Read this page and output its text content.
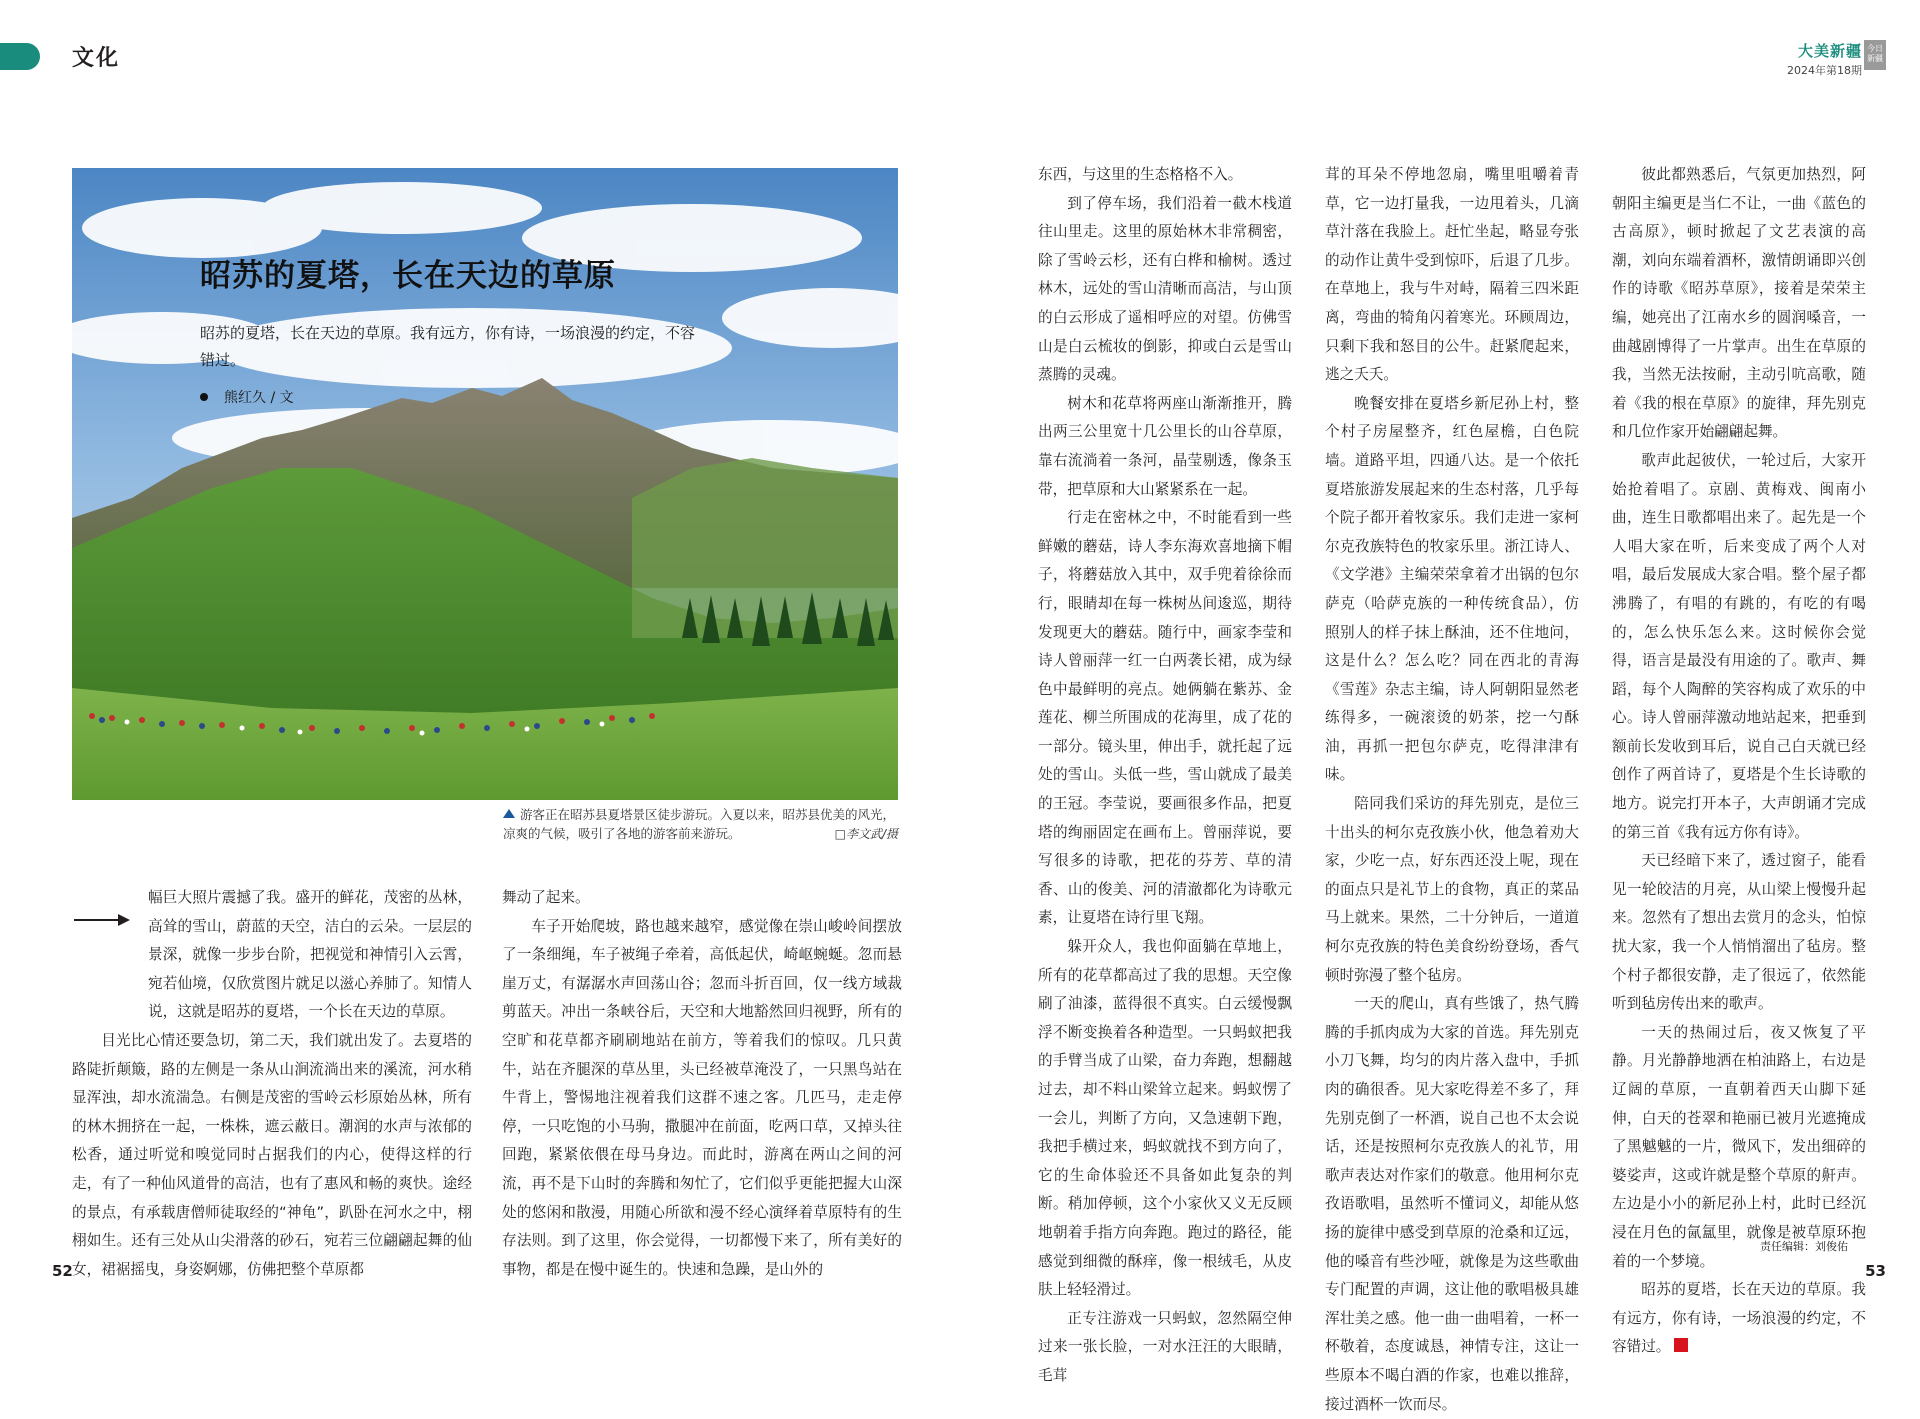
文化	大美新疆
2024年第18期
今日新疆
昭苏的夏塔，长在天边的草原
昭苏的夏塔，长在天边的草原。我有远方，你有诗，一场浪漫的约定，不容错过。
熊红久 / 文
游客正在昭苏县夏塔景区徒步游玩。入夏以来，昭苏县优美的风光，凉爽的气候，吸引了各地的游客前来游玩。	□李文武/摄

幅巨大照片震撼了我。盛开的鲜花，茂密的丛林，高耸的雪山，蔚蓝的天空，洁白的云朵。一层层的景深，就像一步步台阶，把视觉和神情引入云霄，宛若仙境，仅欣赏图片就足以滋心养肺了。知情人说，这就是昭苏的夏塔，一个长在天边的草原。

目光比心情还要急切，第二天，我们就出发了。去夏塔的路陡折颠簸，路的左侧是一条从山涧流淌出来的溪流，河水稍显浑浊，却水流湍急。右侧是茂密的雪岭云杉原始丛林，所有的林木拥挤在一起，一株株，遮云蔽日。潮润的水声与浓郁的松香，通过听觉和嗅觉同时占据我们的内心，使得这样的行走，有了一种仙风道骨的高洁，也有了惠风和畅的爽快。途经的景点，有承载唐僧师徒取经的“神龟”，趴卧在河水之中，栩栩如生。还有三处从山尖滑落的砂石，宛若三位翩翩起舞的仙女，裙裾摇曳，身姿婀娜，仿佛把整个草原都

舞动了起来。

车子开始爬坡，路也越来越窄，感觉像在崇山峻岭间摆放了一条细绳，车子被绳子牵着，高低起伏，崎岖蜿蜒。忽而悬崖万丈，有潺潺水声回荡山谷；忽而斗折百回，仅一线方域裁剪蓝天。冲出一条峡谷后，天空和大地豁然回归视野，所有的空旷和花草都齐刷刷地站在前方，等着我们的惊叹。几只黄牛，站在齐腿深的草丛里，头已经被草淹没了，一只黑鸟站在牛背上，警惕地注视着我们这群不速之客。几匹马，走走停停，一只吃饱的小马驹，撒腿冲在前面，吃两口草，又掉头往回跑，紧紧依偎在母马身边。而此时，游离在两山之间的河流，再不是下山时的奔腾和匆忙了，它们似乎更能把握大山深处的悠闲和散漫，用随心所欲和漫不经心演绎着草原特有的生存法则。到了这里，你会觉得，一切都慢下来了，所有美好的事物，都是在慢中诞生的。快速和急躁，是山外的

东西，与这里的生态格格不入。

到了停车场，我们沿着一截木栈道往山里走。这里的原始林木非常稠密，除了雪岭云杉，还有白桦和榆树。透过林木，远处的雪山清晰而高洁，与山顶的白云形成了遥相呼应的对望。仿佛雪山是白云梳妆的倒影，抑或白云是雪山蒸腾的灵魂。

树木和花草将两座山渐渐推开，腾出两三公里宽十几公里长的山谷草原，靠右流淌着一条河，晶莹剔透，像条玉带，把草原和大山紧紧系在一起。

行走在密林之中，不时能看到一些鲜嫩的蘑菇，诗人李东海欢喜地摘下帽子，将蘑菇放入其中，双手兜着徐徐而行，眼睛却在每一株树丛间逡巡，期待发现更大的蘑菇。随行中，画家李莹和诗人曾丽萍一红一白两袭长裙，成为绿色中最鲜明的亮点。她俩躺在紫苏、金莲花、柳兰所围成的花海里，成了花的一部分。镜头里，伸出手，就托起了远处的雪山。头低一些，雪山就成了最美的王冠。李莹说，要画很多作品，把夏塔的绚丽固定在画布上。曾丽萍说，要写很多的诗歌，把花的芬芳、草的清香、山的俊美、河的清澈都化为诗歌元素，让夏塔在诗行里飞翔。

躲开众人，我也仰面躺在草地上，所有的花草都高过了我的思想。天空像刷了油漆，蓝得很不真实。白云缓慢飘浮不断变换着各种造型。一只蚂蚁把我的手臂当成了山梁，奋力奔跑，想翻越过去，却不料山梁耸立起来。蚂蚁愣了一会儿，判断了方向，又急速朝下跑，我把手横过来，蚂蚁就找不到方向了，它的生命体验还不具备如此复杂的判断。稍加停顿，这个小家伙又义无反顾地朝着手指方向奔跑。跑过的路径，能感觉到细微的酥痒，像一根绒毛，从皮肤上轻轻滑过。

正专注游戏一只蚂蚁，忽然隔空伸过来一张长脸，一对水汪汪的大眼睛，毛茸

茸的耳朵不停地忽扇，嘴里咀嚼着青草，它一边打量我，一边甩着头，几滴草汁落在我脸上。赶忙坐起，略显夸张的动作让黄牛受到惊吓，后退了几步。在草地上，我与牛对峙，隔着三四米距离，弯曲的犄角闪着寒光。环顾周边，只剩下我和怒目的公牛。赶紧爬起来，逃之夭夭。

晚餐安排在夏塔乡新尼孙上村，整个村子房屋整齐，红色屋檐，白色院墙。道路平坦，四通八达。是一个依托夏塔旅游发展起来的生态村落，几乎每个院子都开着牧家乐。我们走进一家柯尔克孜族特色的牧家乐里。浙江诗人、《文学港》主编荣荣拿着才出锅的包尔萨克（哈萨克族的一种传统食品），仿照别人的样子抹上酥油，还不住地问，这是什么？怎么吃？同在西北的青海《雪莲》杂志主编，诗人阿朝阳显然老练得多，一碗滚烫的奶茶，挖一勺酥油，再抓一把包尔萨克，吃得津津有味。

陪同我们采访的拜先别克，是位三十出头的柯尔克孜族小伙，他急着劝大家，少吃一点，好东西还没上呢，现在的面点只是礼节上的食物，真正的菜品马上就来。果然，二十分钟后，一道道柯尔克孜族的特色美食纷纷登场，香气顿时弥漫了整个毡房。

一天的爬山，真有些饿了，热气腾腾的手抓肉成为大家的首选。拜先别克小刀飞舞，均匀的肉片落入盘中，手抓肉的确很香。见大家吃得差不多了，拜先别克倒了一杯酒，说自己也不太会说话，还是按照柯尔克孜族人的礼节，用歌声表达对作家们的敬意。他用柯尔克孜语歌唱，虽然听不懂词义，却能从悠扬的旋律中感受到草原的沧桑和辽远，他的嗓音有些沙哑，就像是为这些歌曲专门配置的声调，这让他的歌唱极具雄浑壮美之感。他一曲一曲唱着，一杯一杯敬着，态度诚恳，神情专注，这让一些原本不喝白酒的作家，也难以推辞，接过酒杯一饮而尽。

彼此都熟悉后，气氛更加热烈，阿朝阳主编更是当仁不让，一曲《蓝色的古高原》，顿时掀起了文艺表演的高潮，刘向东端着酒杯，激情朗诵即兴创作的诗歌《昭苏草原》，接着是荣荣主编，她亮出了江南水乡的圆润嗓音，一曲越剧博得了一片掌声。出生在草原的我，当然无法按耐，主动引吭高歌，随着《我的根在草原》的旋律，拜先别克和几位作家开始翩翩起舞。

歌声此起彼伏，一轮过后，大家开始抢着唱了。京剧、黄梅戏、闽南小曲，连生日歌都唱出来了。起先是一个人唱大家在听，后来变成了两个人对唱，最后发展成大家合唱。整个屋子都沸腾了，有唱的有跳的，有吃的有喝的，怎么快乐怎么来。这时候你会觉得，语言是最没有用途的了。歌声、舞蹈，每个人陶醉的笑容构成了欢乐的中心。诗人曾丽萍激动地站起来，把垂到额前长发收到耳后，说自己白天就已经创作了两首诗了，夏塔是个生长诗歌的地方。说完打开本子，大声朗诵才完成的第三首《我有远方你有诗》。

天已经暗下来了，透过窗子，能看见一轮皎洁的月亮，从山梁上慢慢升起来。忽然有了想出去赏月的念头，怕惊扰大家，我一个人悄悄溜出了毡房。整个村子都很安静，走了很远了，依然能听到毡房传出来的歌声。

一天的热闹过后，夜又恢复了平静。月光静静地洒在柏油路上，右边是辽阔的草原，一直朝着西天山脚下延伸，白天的苍翠和艳丽已被月光遮掩成了黑魆魆的一片，微风下，发出细碎的婆娑声，这或许就是整个草原的鼾声。左边是小小的新尼孙上村，此时已经沉浸在月色的氤氲里，就像是被草原环抱着的一个梦境。

昭苏的夏塔，长在天边的草原。我有远方，你有诗，一场浪漫的约定，不容错过。

52
责任编辑：刘俊佑
53
